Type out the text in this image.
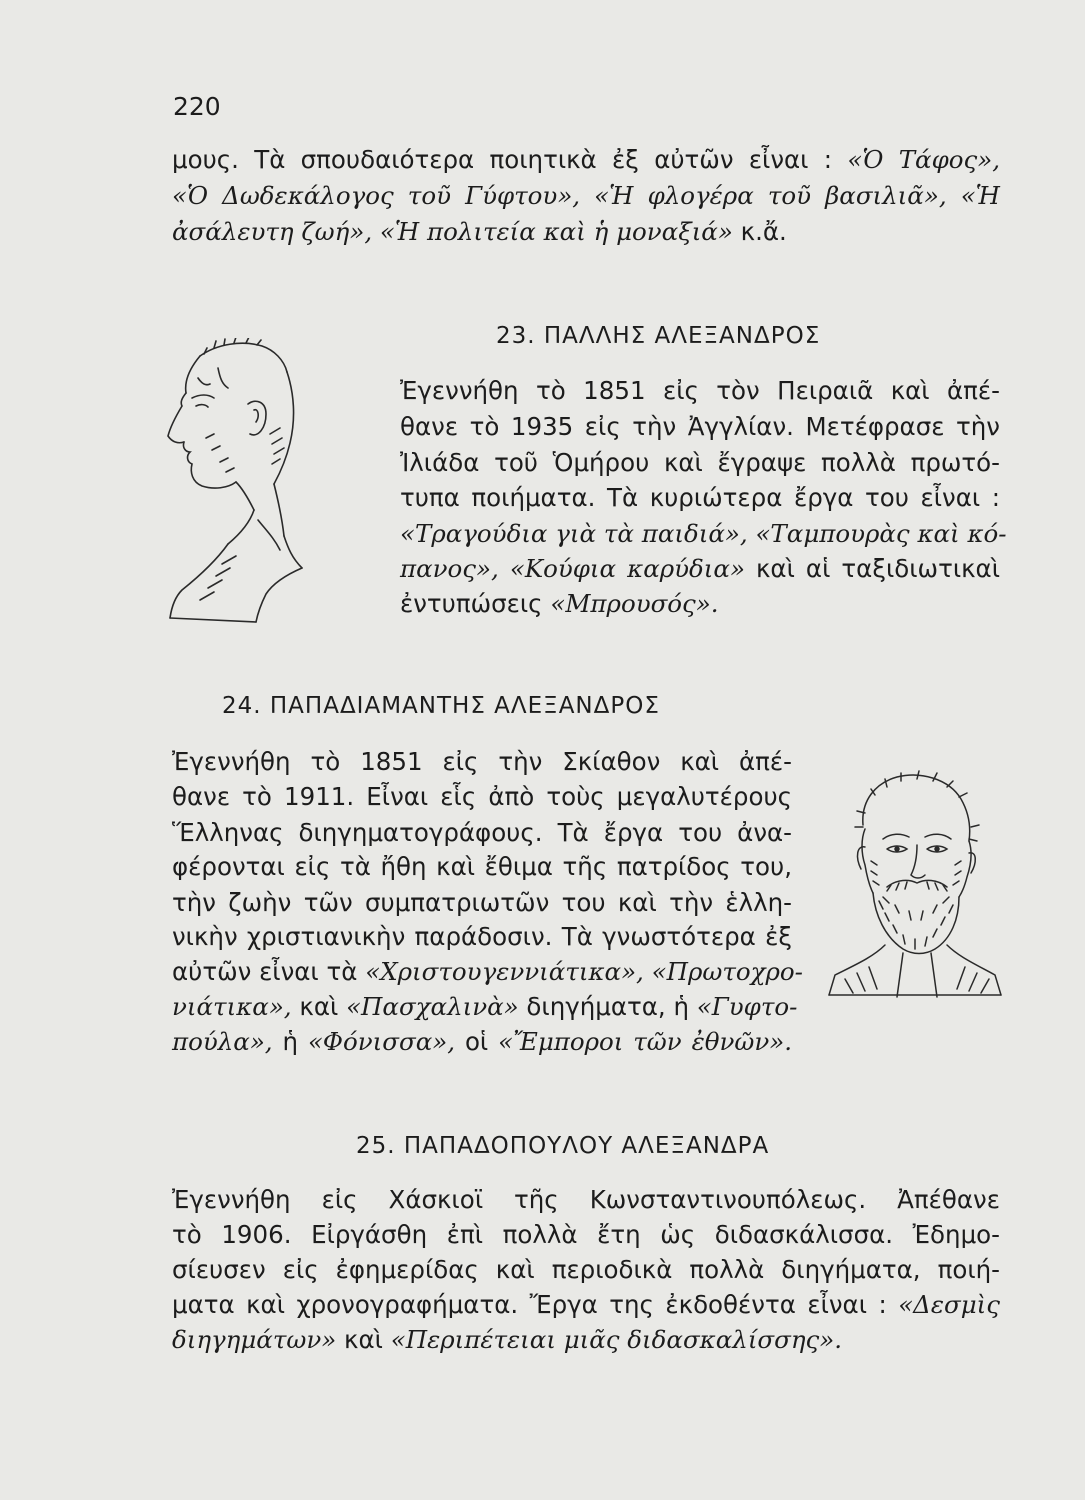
220
μους. Τὰ σπουδαιότερα ποιητικὰ ἐξ αὐτῶν εἶναι : «Ὁ Τάφος»,
«Ὁ Δωδεκάλογος τοῦ Γύφτου», «Ἡ φλογέρα τοῦ βασιλιᾶ», «Ἡ
ἀσάλευτη ζωή», «Ἡ πολιτεία καὶ ἡ μοναξιά» κ.ἄ.
23. ΠΑΛΛΗΣ ΑΛΕΞΑΝΔΡΟΣ
Ἐγεννήθη τὸ 1851 εἰς τὸν Πειραιᾶ καὶ ἀπέ-
θανε τὸ 1935 εἰς τὴν Ἀγγλίαν. Μετέφρασε τὴν
Ἰλιάδα τοῦ Ὁμήρου καὶ ἔγραψε πολλὰ πρωτό-
τυπα ποιήματα. Τὰ κυριώτερα ἔργα του εἶναι :
«Τραγούδια γιὰ τὰ παιδιά», «Ταμπουρὰς καὶ κό-
πανος», «Κούφια καρύδια» καὶ αἱ ταξιδιωτικαὶ
ἐντυπώσεις «Μπρουσός».
24. ΠΑΠΑΔΙΑΜΑΝΤΗΣ ΑΛΕΞΑΝΔΡΟΣ
Ἐγεννήθη τὸ 1851 εἰς τὴν Σκίαθον καὶ ἀπέ-
θανε τὸ 1911. Εἶναι εἷς ἀπὸ τοὺς μεγαλυτέρους
Ἕλληνας διηγηματογράφους. Τὰ ἔργα του ἀνα-
φέρονται εἰς τὰ ἤθη καὶ ἔθιμα τῆς πατρίδος του,
τὴν ζωὴν τῶν συμπατριωτῶν του καὶ τὴν ἑλλη-
νικὴν χριστιανικὴν παράδοσιν. Τὰ γνωστότερα ἐξ
αὐτῶν εἶναι τὰ «Χριστουγεννιάτικα», «Πρωτοχρο-
νιάτικα», καὶ «Πασχαλινὰ» διηγήματα, ἡ «Γυφτο-
πούλα», ἡ «Φόνισσα», οἱ «Ἔμποροι τῶν ἐθνῶν».
25. ΠΑΠΑΔΟΠΟΥΛΟΥ ΑΛΕΞΑΝΔΡΑ
Ἐγεννήθη εἰς Χάσκιοϊ τῆς Κωνσταντινουπόλεως. Ἀπέθανε
τὸ 1906. Εἰργάσθη ἐπὶ πολλὰ ἔτη ὡς διδασκάλισσα. Ἐδημο-
σίευσεν εἰς ἐφημερίδας καὶ περιοδικὰ πολλὰ διηγήματα, ποιή-
ματα καὶ χρονογραφήματα. Ἔργα της ἐκδοθέντα εἶναι : «Δεσμὶς
διηγημάτων» καὶ «Περιπέτειαι μιᾶς διδασκαλίσσης».
